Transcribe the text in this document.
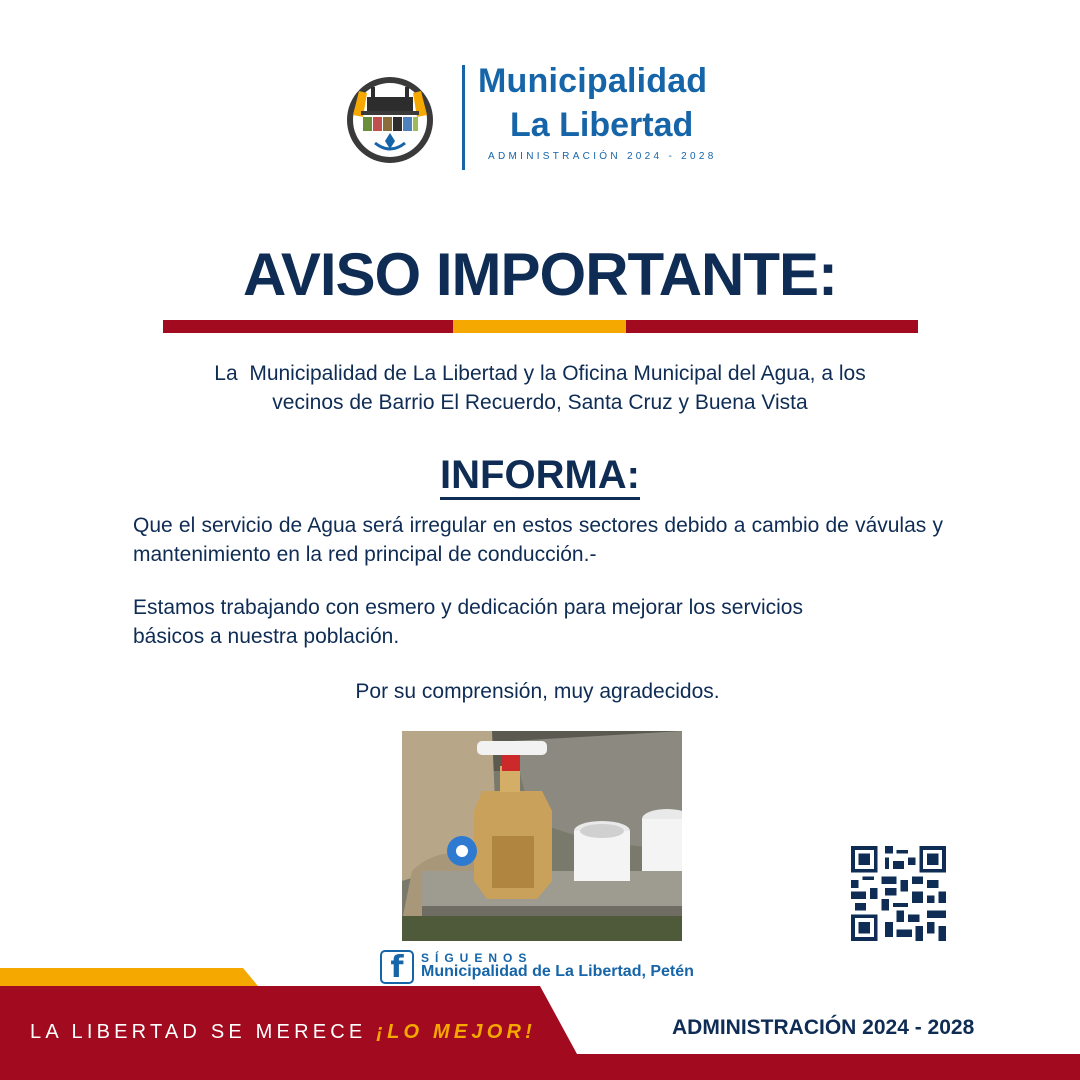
Municipalidad
La Libertad
ADMINISTRACIÓN 2024 - 2028
AVISO IMPORTANTE:
La  Municipalidad de La Libertad y la Oficina Municipal del Agua, a los
vecinos de Barrio El Recuerdo, Santa Cruz y Buena Vista
INFORMA:
Que el servicio de Agua será irregular en estos sectores debido a cambio de vávulas y mantenimiento en la red principal de conducción.-
Estamos trabajando con esmero y dedicación para mejorar los servicios
básicos a nuestra población.
Por su comprensión, muy agradecidos.
f SÍGUENOS
Municipalidad de La Libertad, Petén
LA LIBERTAD SE MERECE ¡LO MEJOR!	ADMINISTRACIÓN 2024 - 2028
